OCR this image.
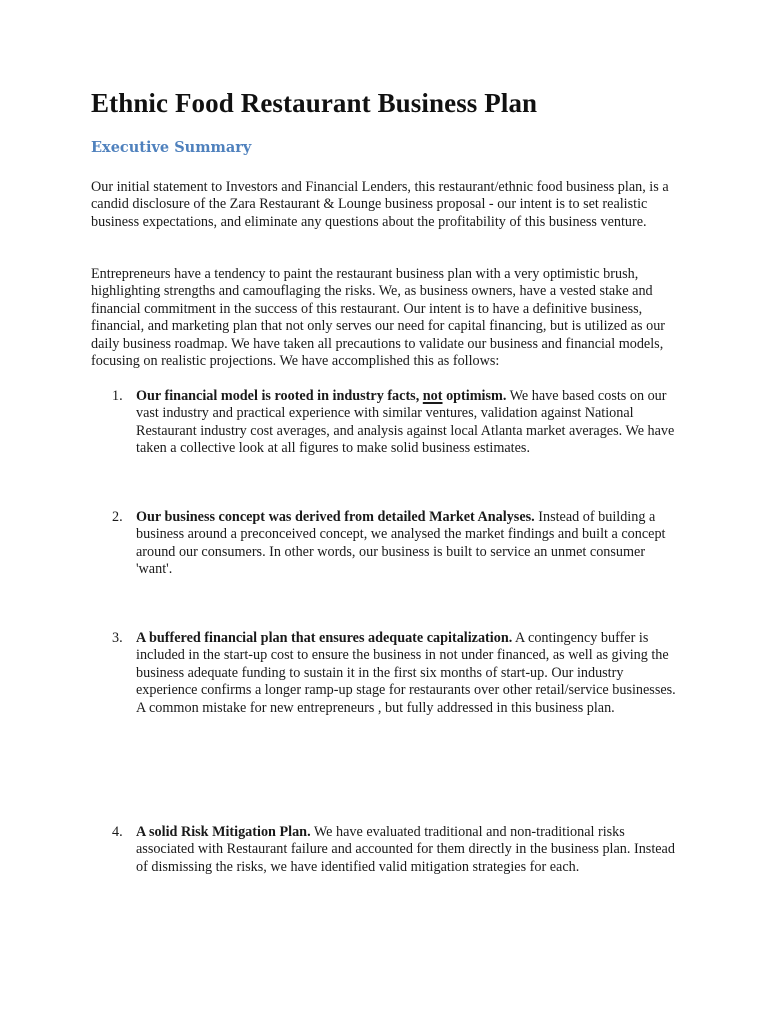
Ethnic Food Restaurant Business Plan
Executive Summary

Our initial statement to Investors and Financial Lenders, this restaurant/ethnic food business plan, is a candid disclosure of the Zara Restaurant & Lounge business proposal - our intent is to set realistic business expectations, and eliminate any questions about the profitability of this business venture.

Entrepreneurs have a tendency to paint the restaurant business plan with a very optimistic brush, highlighting strengths and camouflaging the risks. We, as business owners, have a vested stake and financial commitment in the success of this restaurant. Our intent is to have a definitive business, financial, and marketing plan that not only serves our need for capital financing, but is utilized as our daily business roadmap. We have taken all precautions to validate our business and financial models, focusing on realistic projections. We have accomplished this as follows:

1. Our financial model is rooted in industry facts, not optimism. We have based costs on our vast industry and practical experience with similar ventures, validation against National Restaurant industry cost averages, and analysis against local Atlanta market averages. We have taken a collective look at all figures to make solid business estimates.
2. Our business concept was derived from detailed Market Analyses. Instead of building a business around a preconceived concept, we analysed the market findings and built a concept around our consumers. In other words, our business is built to service an unmet consumer 'want'.
3. A buffered financial plan that ensures adequate capitalization. A contingency buffer is included in the start-up cost to ensure the business in not under financed, as well as giving the business adequate funding to sustain it in the first six months of start-up. Our industry experience confirms a longer ramp-up stage for restaurants over other retail/service businesses. A common mistake for new entrepreneurs , but fully addressed in this business plan.
4. A solid Risk Mitigation Plan. We have evaluated traditional and non-traditional risks associated with Restaurant failure and accounted for them directly in the business plan. Instead of dismissing the risks, we have identified valid mitigation strategies for each.
